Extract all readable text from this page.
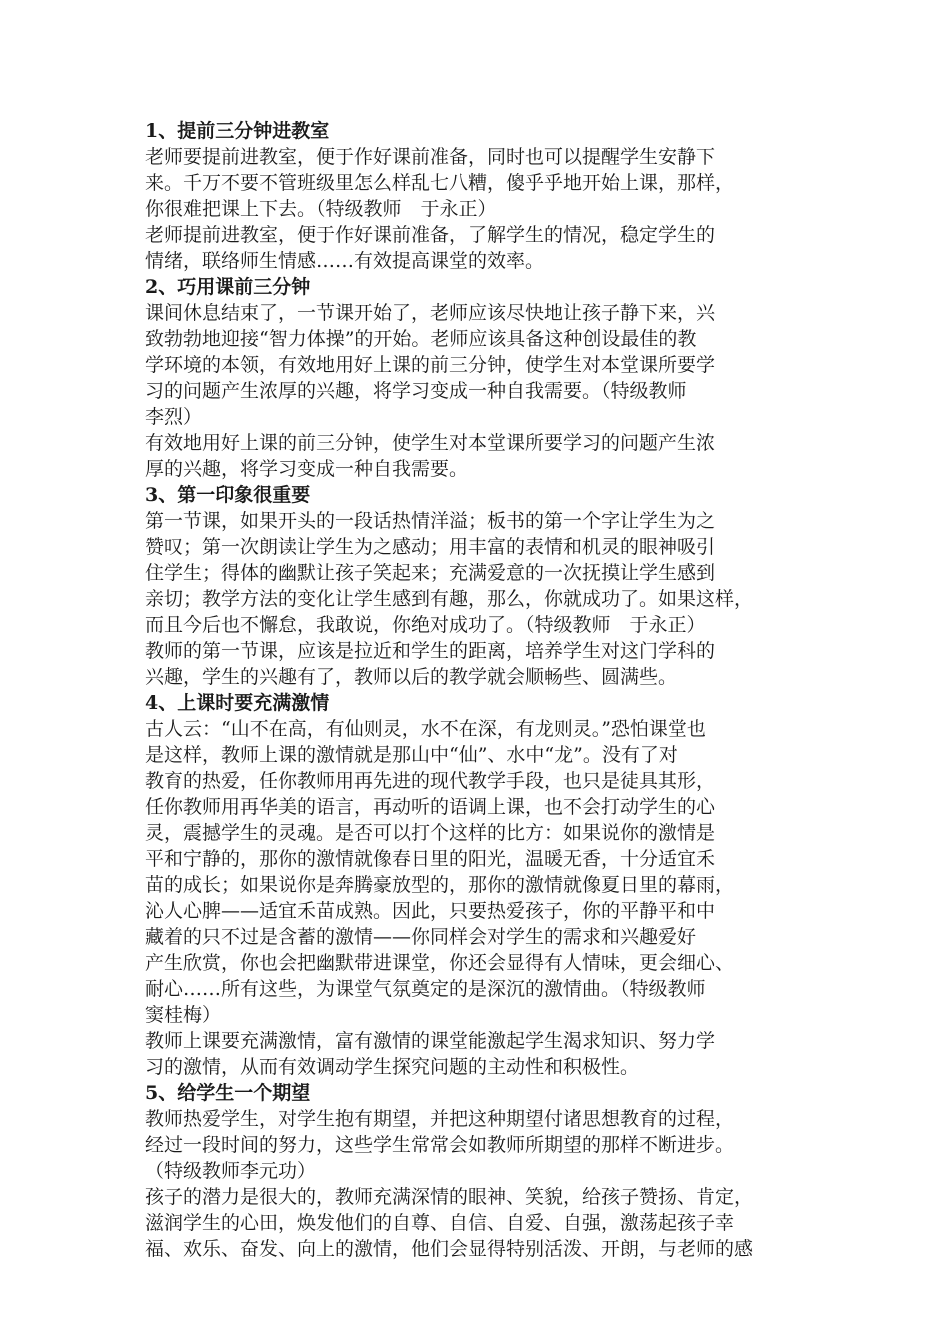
1、提前三分钟进教室
老师要提前进教室，便于作好课前准备，同时也可以提醒学生安静下
来。千万不要不管班级里怎么样乱七八糟，傻乎乎地开始上课，那样，
你很难把课上下去。（特级教师　于永正）
老师提前进教室，便于作好课前准备，了解学生的情况，稳定学生的
情绪，联络师生情感……有效提高课堂的效率。
2、巧用课前三分钟
课间休息结束了，一节课开始了，老师应该尽快地让孩子静下来，兴
致勃勃地迎接“智力体操”的开始。老师应该具备这种创设最佳的教
学环境的本领，有效地用好上课的前三分钟，使学生对本堂课所要学
习的问题产生浓厚的兴趣，将学习变成一种自我需要。（特级教师
李烈）
有效地用好上课的前三分钟，使学生对本堂课所要学习的问题产生浓
厚的兴趣，将学习变成一种自我需要。
3、第一印象很重要
第一节课，如果开头的一段话热情洋溢；板书的第一个字让学生为之
赞叹；第一次朗读让学生为之感动；用丰富的表情和机灵的眼神吸引
住学生；得体的幽默让孩子笑起来；充满爱意的一次抚摸让学生感到
亲切；教学方法的变化让学生感到有趣，那么，你就成功了。如果这样，
而且今后也不懈怠，我敢说，你绝对成功了。（特级教师　于永正）
教师的第一节课，应该是拉近和学生的距离，培养学生对这门学科的
兴趣，学生的兴趣有了，教师以后的教学就会顺畅些、圆满些。
4、上课时要充满激情
古人云：“山不在高，有仙则灵，水不在深，有龙则灵。”恐怕课堂也
是这样，教师上课的激情就是那山中“仙”、水中“龙”。没有了对
教育的热爱，任你教师用再先进的现代教学手段，也只是徒具其形，
任你教师用再华美的语言，再动听的语调上课，也不会打动学生的心
灵，震撼学生的灵魂。是否可以打个这样的比方：如果说你的激情是
平和宁静的，那你的激情就像春日里的阳光，温暖无香，十分适宜禾
苗的成长；如果说你是奔腾豪放型的，那你的激情就像夏日里的幕雨，
沁人心脾——适宜禾苗成熟。因此，只要热爱孩子，你的平静平和中
藏着的只不过是含蓄的激情——你同样会对学生的需求和兴趣爱好
产生欣赏，你也会把幽默带进课堂，你还会显得有人情味，更会细心、
耐心……所有这些，为课堂气氛奠定的是深沉的激情曲。（特级教师
窦桂梅）
教师上课要充满激情，富有激情的课堂能激起学生渴求知识、努力学
习的激情，从而有效调动学生探究问题的主动性和积极性。
5、给学生一个期望
教师热爱学生，对学生抱有期望，并把这种期望付诸思想教育的过程，
经过一段时间的努力，这些学生常常会如教师所期望的那样不断进步。
（特级教师李元功）
孩子的潜力是很大的，教师充满深情的眼神、笑貌，给孩子赞扬、肯定，
滋润学生的心田，焕发他们的自尊、自信、自爱、自强，激荡起孩子幸
福、欢乐、奋发、向上的激情，他们会显得特别活泼、开朗，与老师的感
